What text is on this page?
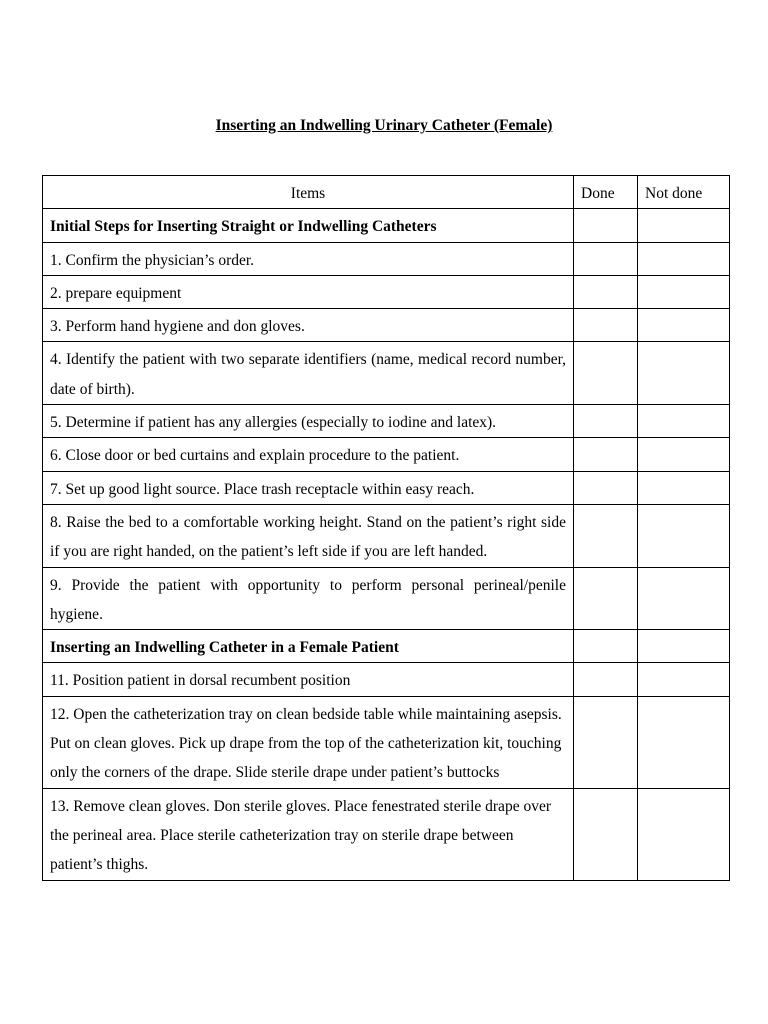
Inserting an Indwelling Urinary Catheter (Female)
Items	Done	Not done
Initial Steps for Inserting Straight or Indwelling Catheters		
1. Confirm the physician’s order.		
2. prepare equipment		
3. Perform hand hygiene and don gloves.		
4. Identify the patient with two separate identifiers (name, medical record number, date of birth).		
5. Determine if patient has any allergies (especially to iodine and latex).		
6. Close door or bed curtains and explain procedure to the patient.		
7. Set up good light source. Place trash receptacle within easy reach.		
8. Raise the bed to a comfortable working height. Stand on the patient’s right side if you are right handed, on the patient’s left side if you are left handed.		
9. Provide the patient with opportunity to perform personal perineal/penile hygiene.		
Inserting an Indwelling Catheter in a Female Patient		
11. Position patient in dorsal recumbent position		
12. Open the catheterization tray on clean bedside table while maintaining asepsis. Put on clean gloves. Pick up drape from the top of the catheterization kit, touching only the corners of the drape. Slide sterile drape under patient’s buttocks		
13. Remove clean gloves. Don sterile gloves. Place fenestrated sterile drape over the perineal area. Place sterile catheterization tray on sterile drape between patient’s thighs.		
